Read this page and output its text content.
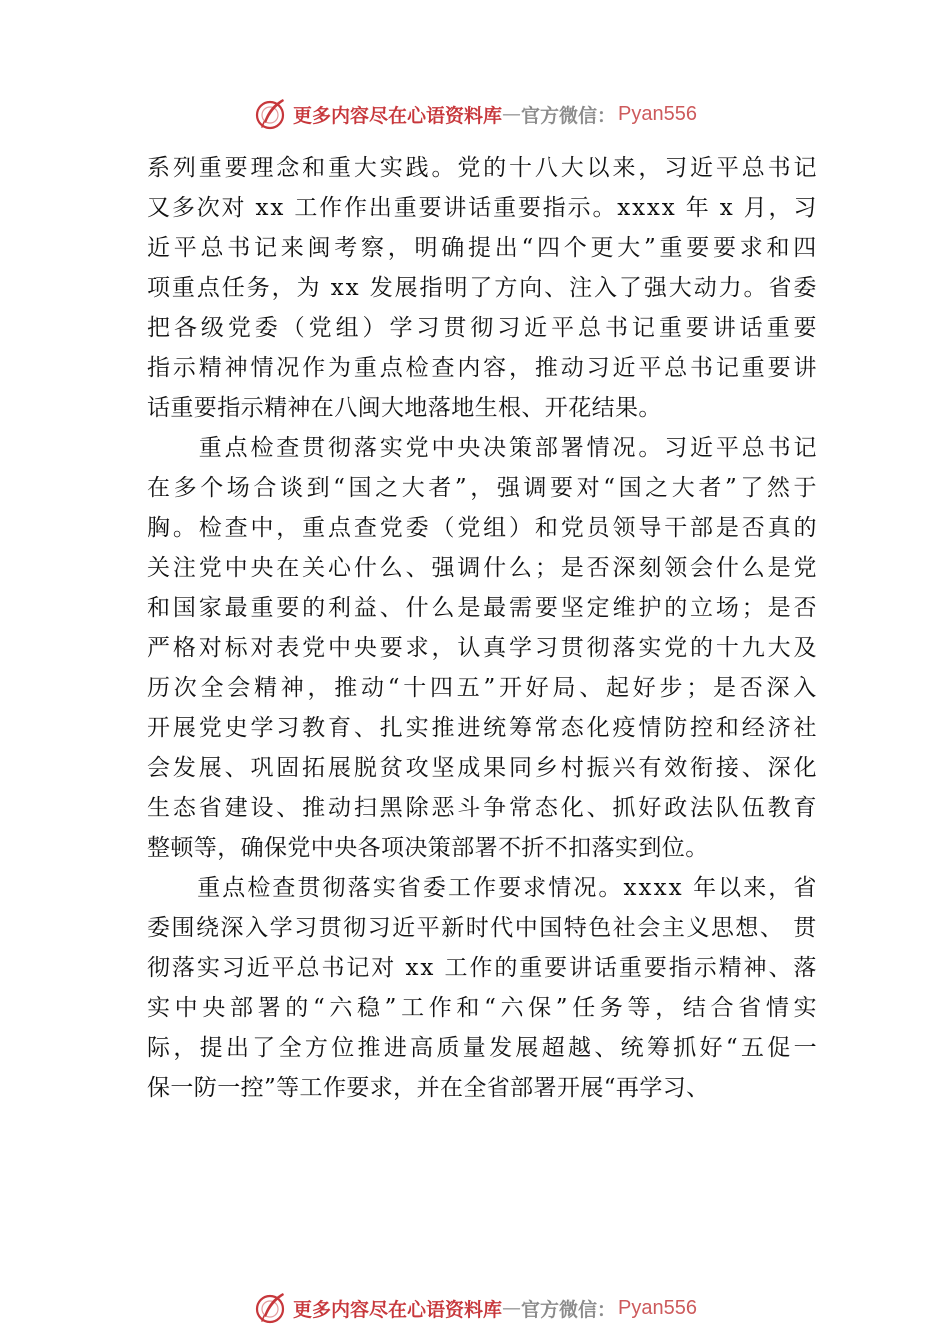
更多内容尽在心语资料库 — 官方微信： Pyan556
系 列 重 要 理 念 和 重 大 实 践 。 党 的 十 八 大 以 来 ， 习 近 平 总 书 记
又 多 次 对
x x
工 作 作 出 重 要 讲 话 重 要 指 示 。 x x x x
年
x
月 ， 习
近 平 总 书 记 来 闽 考 察 ， 明 确 提 出 “ 四 个 更 大 ” 重 要 要 求 和 四
项 重 点 任 务 ， 为
x x
发 展 指 明 了 方 向 、 注 入 了 强 大 动 力 。 省 委
把 各 级 党 委 （ 党 组 ） 学 习 贯 彻 习 近 平 总 书 记 重 要 讲 话 重 要
指 示 精 神 情 况 作 为 重 点 检 查 内 容 ， 推 动 习 近 平 总 书 记 重 要 讲
话重要指示精神在八闽大地落地生根、开花结果。

重 点 检 查 贯 彻 落 实 党 中 央 决 策 部 署 情 况 。 习 近 平 总 书 记
在 多 个 场 合 谈 到 “ 国 之 大 者 ” ， 强 调 要 对 “ 国 之 大 者 ” 了 然 于
胸 。 检 查 中 ， 重 点 查 党 委 （ 党 组 ） 和 党 员 领 导 干 部 是 否 真 的
关 注 党 中 央 在 关 心 什 么 、 强 调 什 么 ； 是 否 深 刻 领 会 什 么 是 党
和 国 家 最 重 要 的 利 益 、 什 么 是 最 需 要 坚 定 维 护 的 立 场 ； 是 否
严 格 对 标 对 表 党 中 央 要 求 ， 认 真 学 习 贯 彻 落 实 党 的 十 九 大 及
历 次 全 会 精 神 ， 推 动 “ 十 四 五 ” 开 好 局 、 起 好 步 ； 是 否 深 入
开 展 党 史 学 习 教 育 、 扎 实 推 进 统 筹 常 态 化 疫 情 防 控 和 经 济 社
会 发 展 、 巩 固 拓 展 脱 贫 攻 坚 成 果 同 乡 村 振 兴 有 效 衔 接 、 深 化
生 态 省 建 设 、 推 动 扫 黑 除 恶 斗 争 常 态 化 、 抓 好 政 法 队 伍 教 育
整顿等，确保党中央各项决策部署不折不扣落实到位。

重 点 检 查 贯 彻 落 实 省 委 工 作 要 求 情 况 。 x x x x
年 以 来 ， 省
委 围 绕 深 入 学 习 贯 彻 习 近 平 新 时 代 中 国 特 色 社 会 主 义 思 想 、
贯
彻 落 实 习 近 平 总 书 记 对
x x
工 作 的 重 要 讲 话 重 要 指 示 精 神 、 落
实 中 央 部 署 的 “ 六 稳 ” 工 作 和 “ 六 保 ” 任 务 等 ， 结 合 省 情 实
际 ， 提 出 了 全 方 位 推 进 高 质 量 发 展 超 越 、 统 筹 抓 好 “ 五 促 一
保一防一控”等工作要求，并在全省部署开展“再学习、
更多内容尽在心语资料库 — 官方微信： Pyan556
